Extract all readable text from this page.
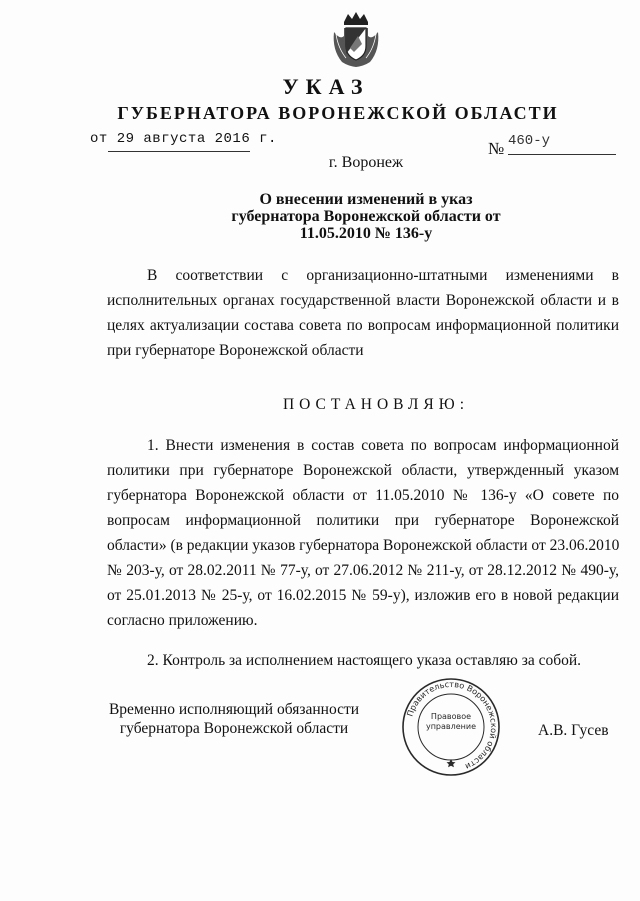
УКАЗ
ГУБЕРНАТОРА ВОРОНЕЖСКОЙ ОБЛАСТИ
от 29 августа 2016 г.	№ 460-у
г. Воронеж
О внесении изменений в указ
губернатора Воронежской области от
11.05.2010 № 136-у
В соответствии с организационно-штатными изменениями в
исполнительных органах государственной власти Воронежской области и в
целях актуализации состава совета по вопросам информационной политики
при губернаторе Воронежской области
ПОСТАНОВЛЯЮ:
1. Внести изменения в состав совета по вопросам информационной
политики при губернаторе Воронежской области, утвержденный указом
губернатора Воронежской области от 11.05.2010 № 136-у «О совете по
вопросам информационной политики при губернаторе Воронежской
области» (в редакции указов губернатора Воронежской области от 23.06.2010
№ 203-у, от 28.02.2011 № 77-у, от 27.06.2012 № 211-у, от 28.12.2012 № 490-у,
от 25.01.2013 № 25-у, от 16.02.2015 № 59-у), изложив его в новой редакции
согласно приложению.
2. Контроль за исполнением настоящего указа оставляю за собой.
Временно исполняющий обязанности
губернатора Воронежской области
Правительство Воронежской области
Правовое управление	А.В. Гусев
